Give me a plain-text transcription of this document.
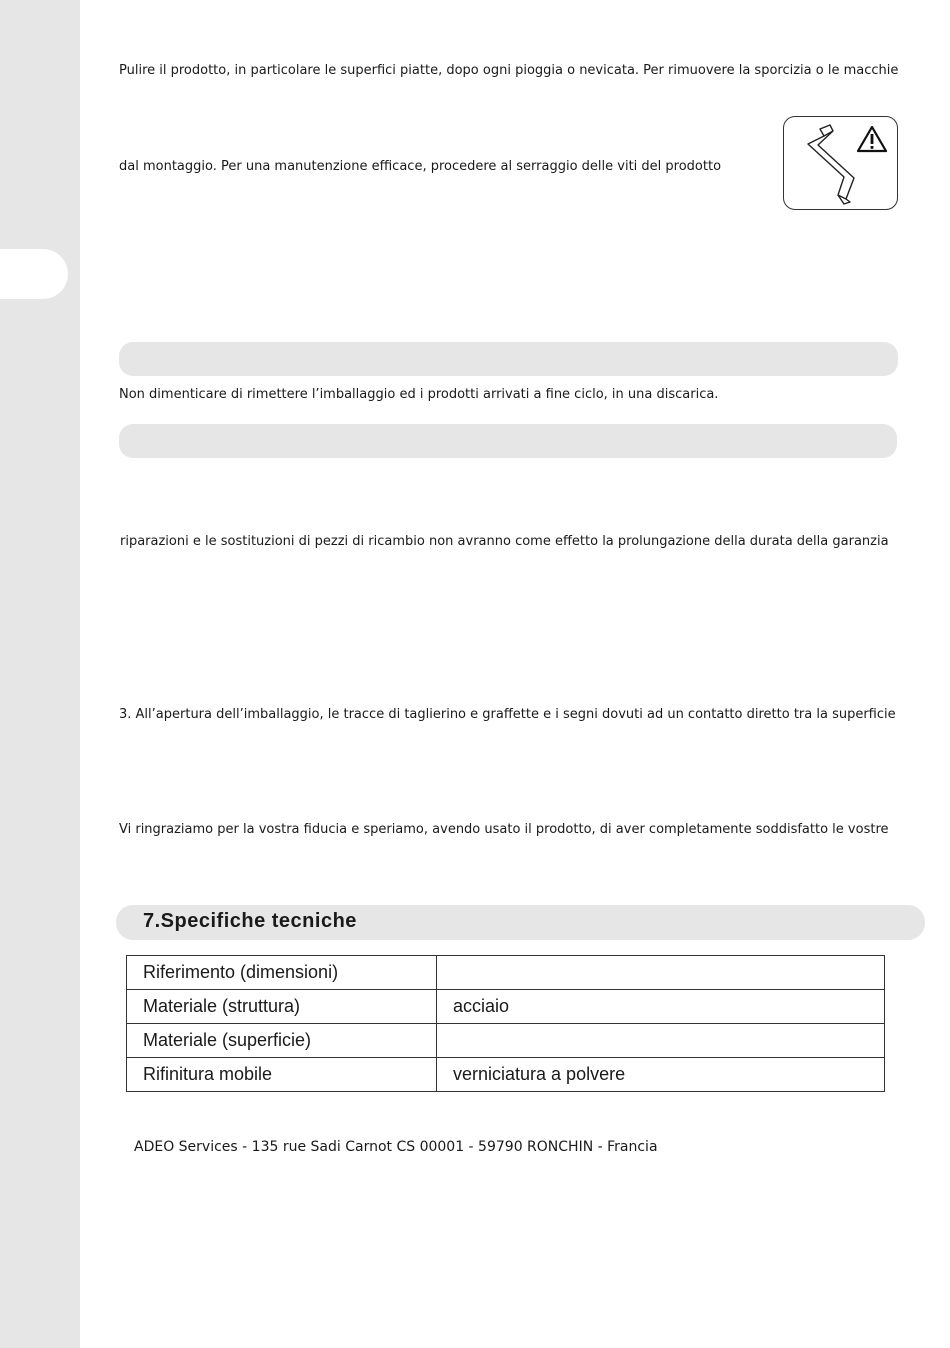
Pulire il prodotto, in particolare le superfici piatte, dopo ogni pioggia o nevicata. Per rimuovere la sporcizia o le macchie
dal montaggio. Per una manutenzione efficace, procedere al serraggio delle viti del prodotto
Non dimenticare di rimettere l’imballaggio ed i prodotti arrivati a fine ciclo, in una discarica.
riparazioni e le sostituzioni di pezzi di ricambio non avranno come effetto la prolungazione della durata della garanzia
3. All’apertura dell’imballaggio, le tracce di taglierino e graffette e i segni dovuti ad un contatto diretto tra la superficie
Vi ringraziamo per la vostra fiducia e speriamo, avendo usato il prodotto, di aver completamente soddisfatto le vostre
7.Specifiche tecniche
Riferimento (dimensioni)	
Materiale (struttura)	acciaio
Materiale (superficie)	
Rifinitura mobile	verniciatura a polvere
ADEO Services - 135 rue Sadi Carnot CS 00001 - 59790 RONCHIN - Francia
